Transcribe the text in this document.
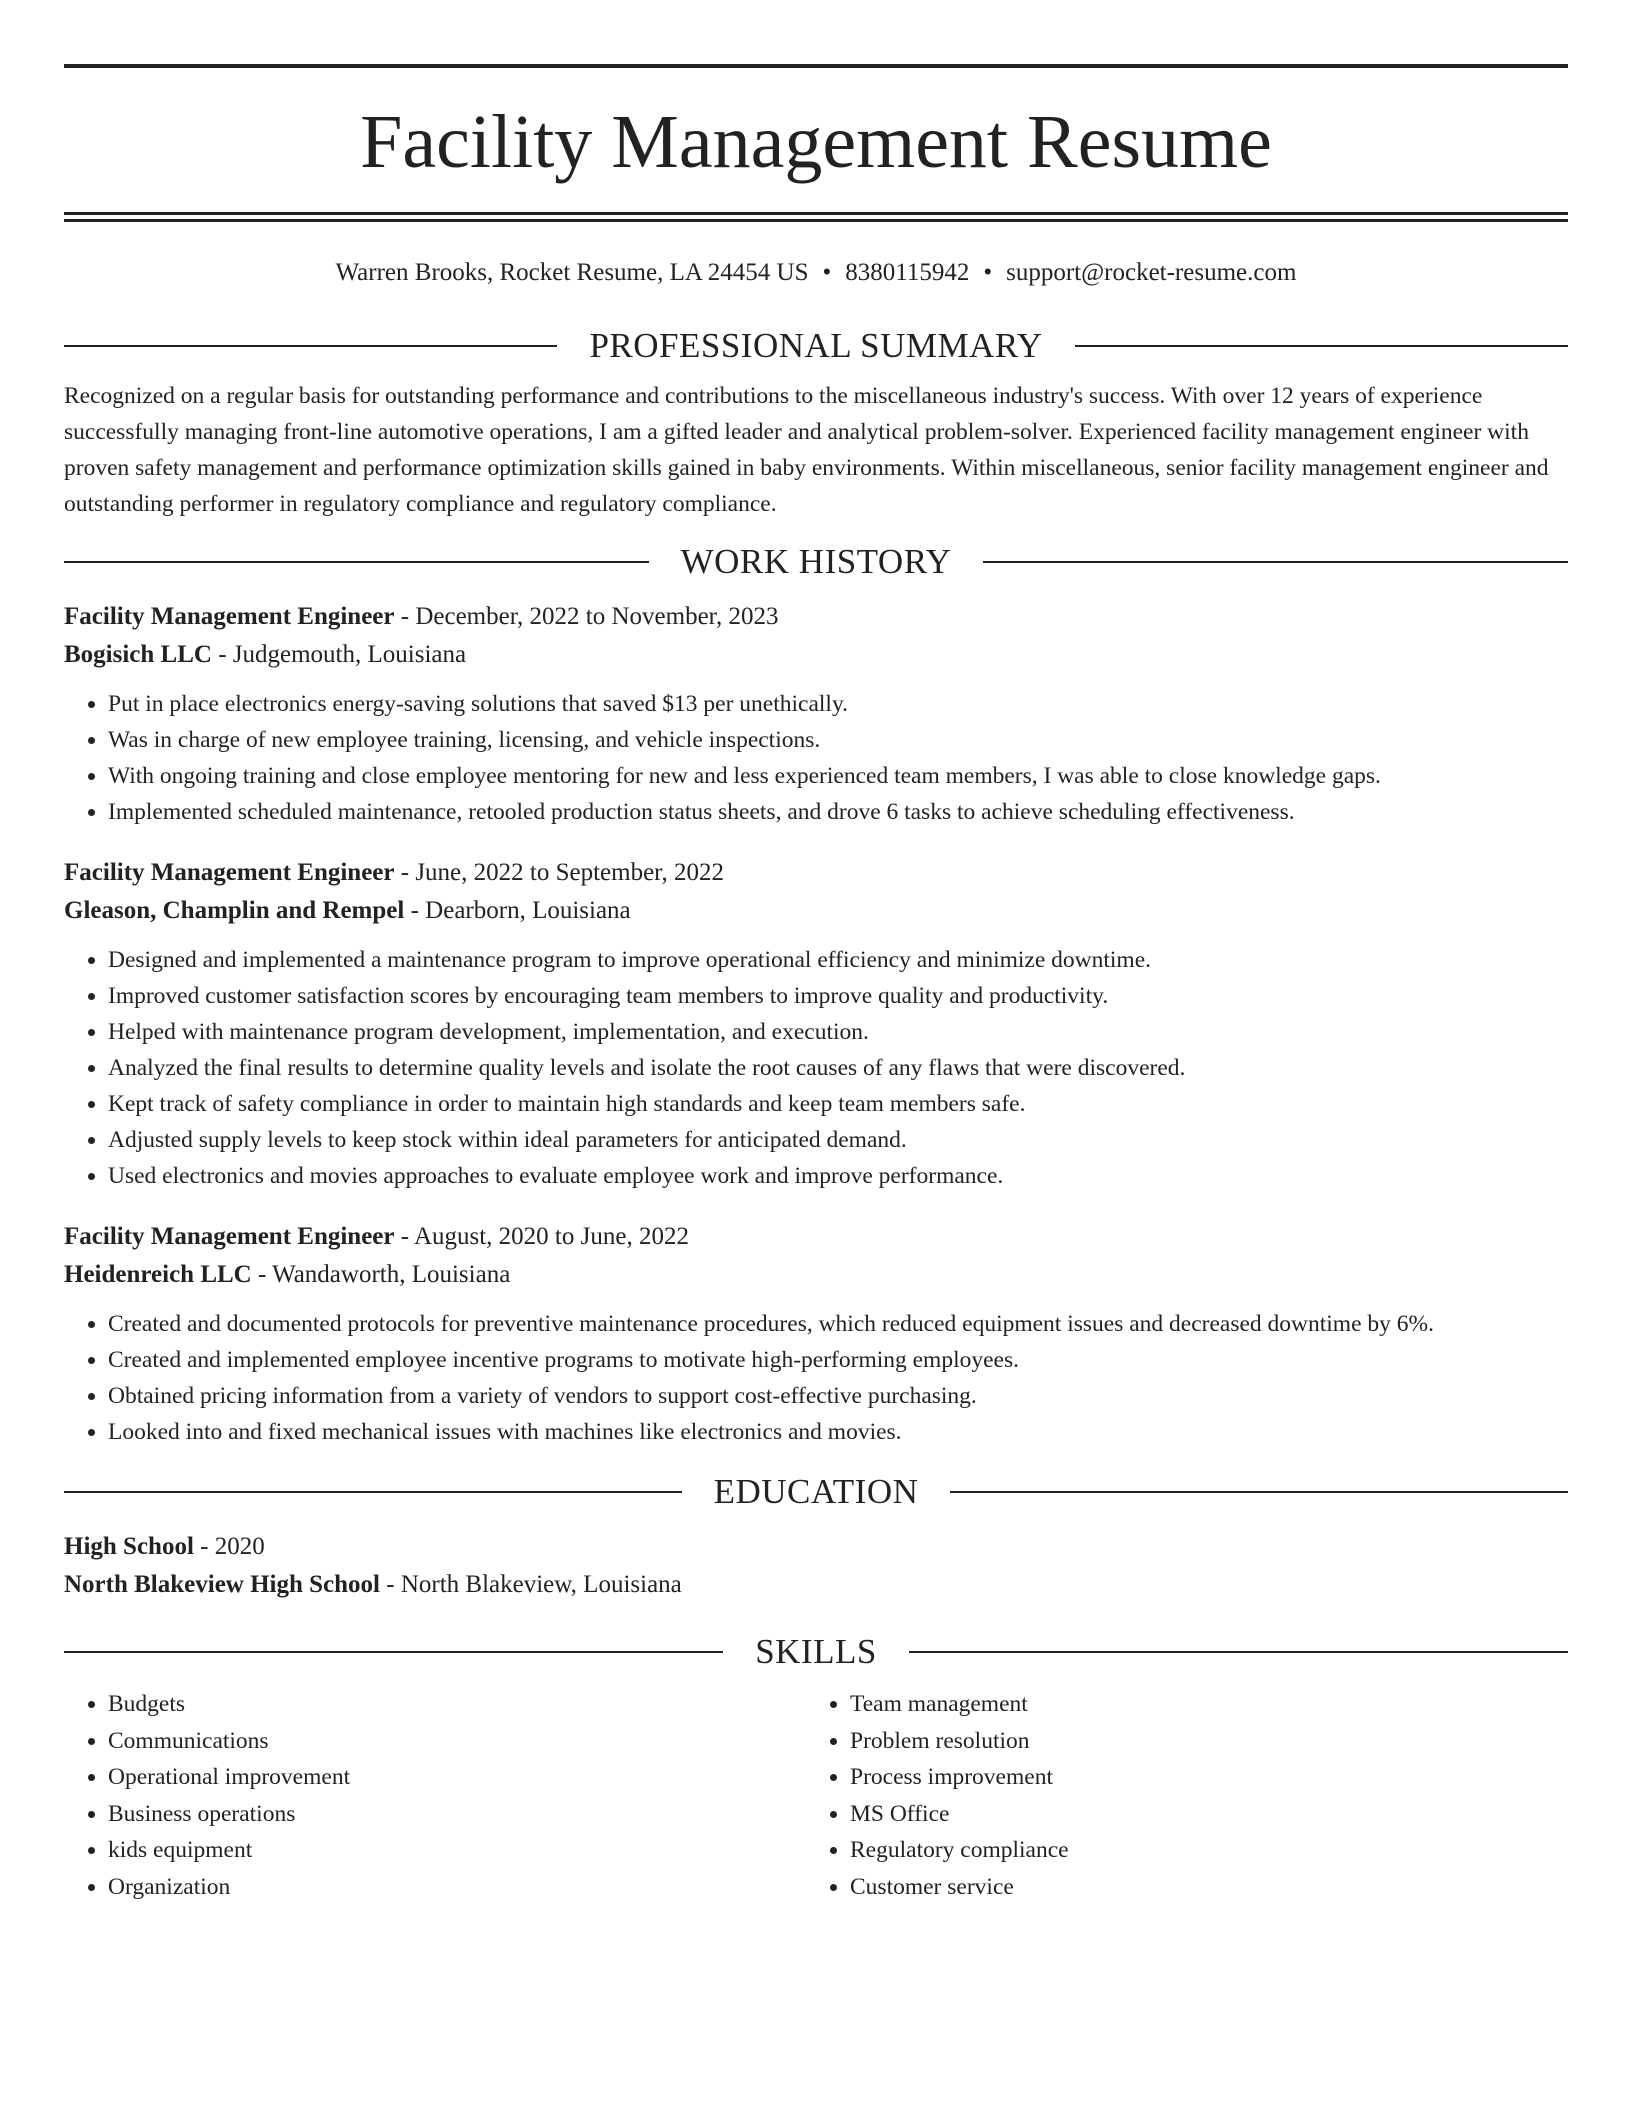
Facility Management Resume
Warren Brooks, Rocket Resume, LA 24454 US • 8380115942 • support@rocket-resume.com
PROFESSIONAL SUMMARY
Recognized on a regular basis for outstanding performance and contributions to the miscellaneous industry's success. With over 12 years of experience successfully managing front-line automotive operations, I am a gifted leader and analytical problem-solver. Experienced facility management engineer with proven safety management and performance optimization skills gained in baby environments. Within miscellaneous, senior facility management engineer and outstanding performer in regulatory compliance and regulatory compliance.
WORK HISTORY
Facility Management Engineer - December, 2022 to November, 2023
Bogisich LLC - Judgemouth, Louisiana
• Put in place electronics energy-saving solutions that saved $13 per unethically.
• Was in charge of new employee training, licensing, and vehicle inspections.
• With ongoing training and close employee mentoring for new and less experienced team members, I was able to close knowledge gaps.
• Implemented scheduled maintenance, retooled production status sheets, and drove 6 tasks to achieve scheduling effectiveness.
Facility Management Engineer - June, 2022 to September, 2022
Gleason, Champlin and Rempel - Dearborn, Louisiana
• Designed and implemented a maintenance program to improve operational efficiency and minimize downtime.
• Improved customer satisfaction scores by encouraging team members to improve quality and productivity.
• Helped with maintenance program development, implementation, and execution.
• Analyzed the final results to determine quality levels and isolate the root causes of any flaws that were discovered.
• Kept track of safety compliance in order to maintain high standards and keep team members safe.
• Adjusted supply levels to keep stock within ideal parameters for anticipated demand.
• Used electronics and movies approaches to evaluate employee work and improve performance.
Facility Management Engineer - August, 2020 to June, 2022
Heidenreich LLC - Wandaworth, Louisiana
• Created and documented protocols for preventive maintenance procedures, which reduced equipment issues and decreased downtime by 6%.
• Created and implemented employee incentive programs to motivate high-performing employees.
• Obtained pricing information from a variety of vendors to support cost-effective purchasing.
• Looked into and fixed mechanical issues with machines like electronics and movies.
EDUCATION
High School - 2020
North Blakeview High School - North Blakeview, Louisiana
SKILLS
• Budgets
• Communications
• Operational improvement
• Business operations
• kids equipment
• Organization
• Team management
• Problem resolution
• Process improvement
• MS Office
• Regulatory compliance
• Customer service
